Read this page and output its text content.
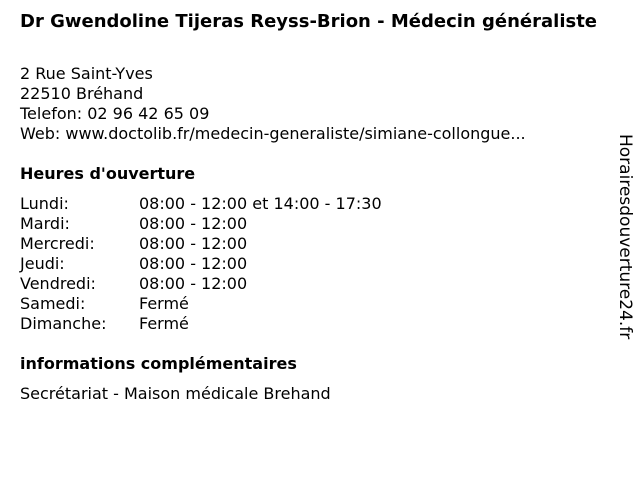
Dr Gwendoline Tijeras Reyss-Brion - Médecin généraliste
2 Rue Saint-Yves
22510 Bréhand
Telefon: 02 96 42 65 09
Web: www.doctolib.fr/medecin-generaliste/simiane-collongue...
Heures d'ouverture
Lundi:	08:00 - 12:00 et 14:00 - 17:30
Mardi:	08:00 - 12:00
Mercredi:	08:00 - 12:00
Jeudi:	08:00 - 12:00
Vendredi:	08:00 - 12:00
Samedi:	Fermé
Dimanche: Fermé
informations complémentaires
Secrétariat - Maison médicale Brehand
Horairesdouverture24.fr
